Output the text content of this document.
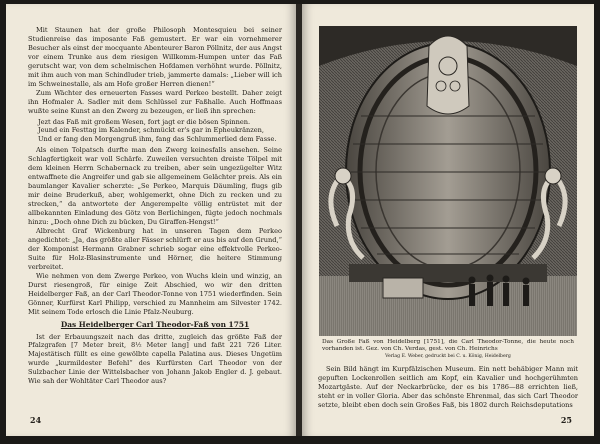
Mit Staunen hat der große Philosoph Montesquieu bei seiner Studienreise das imposante Faß gemustert. Er war ein vornehmerer Besucher als einst der mocquante Abenteurer Baron Pöllnitz, der aus Angst vor einem Trunke aus dem riesigen Willkomm-Humpen unter das Faß gerutscht war, von dem schelmischen Hofdamen verhöhnt wurde. Pöllnitz, mit ihm auch von man Schindluder trieb, jammerte damals: „Lieber will ich im Schweinestalle, als am Hofe großer Herren dienen!“

Zum Wächter des erneuerten Fasses ward Perkeo bestellt. Daher zeigt ihn Hofmaler A. Sadler mit dem Schlüssel zur Faßhalle. Auch Hoffmaas wußte seine Kunst an den Zwerg zu bezeugen, er ließ ihn sprechen:

Jezt das Faß mit großem Wesen, fort jagt er die bösen Spinnen.
Jeund ein Festtag im Kalender, schmückt er's gar in Epheukränzen,
Und er fang den Morgengruß ihm, fang das Schlummerlied dem Fasse.

Als einen Tolpatsch durfte man den Zwerg keinesfalls ansehen. Seine Schlagfertigkeit war voll Schärfe. Zuweilen versuchten dreiste Tölpel mit dem kleinen Herrn Schabernack zu treiben, aber sein ungezügelter Witz entwaffnete die Angreifer und gab sie allgemeinem Gelächter preis. Als ein baumlanger Kavalier scherzte: „Se Perkeo, Marquis Däumling, flugs gib mir deine Bruderkuß, aber, wohlgemerkt, ohne Dich zu recken und zu strecken,“ da antwortete der Angerempelte völlig entrüstet mit der allbekannten Einladung des Götz von Berlichingen, fügte jedoch nochmals hinzu: „Doch ohne Dich zu bücken, Du Giraffen-Hengst!“

Albrecht Graf Wickenburg hat in unseren Tagen dem Perkeo angedichtet: „Ja, das größte aller Fässer schlürft er aus bis auf den Grund,“ der Komponist Hermann Grabner schrieb sogar eine effektvolle Perkeo-Suite für Holz-Blasinstrumente und Hörner, die heitere Stimmung verbreitet.

Wie nehmen von dem Zwerge Perkeo, von Wuchs klein und winzig, an Durst riesengroß, für einige Zeit Abschied, wo wir den dritten Heidelberger Faß, an der Carl Theodor-Tonne von 1751 wiederfinden. Sein Gönner, Kurfürst Karl Philipp, verschied zu Mannheim am Silvester 1742. Mit seinem Tode erlosch die Linie Pfalz-Neuburg.

Das Heidelberger Carl Theodor-Faß von 1751

Ist der Erbauungszeit nach das dritte, zugleich das größte Faß der Pfalzgrafen [7 Meter breit, 8½ Meter lang] und faßt 221 726 Liter. Majestätisch füllt es eine gewölbte capella Palatina aus. Dieses Ungetüm wurde „kurmildester Befehl“ des Kurfürsten Carl Theodor von der Sulzbacher Linie der Wittelsbacher von Johann Jakob Engler d. J. gebaut. Wie sah der Wohltäter Carl Theodor aus?

24
Das Große Faß von Heidelberg [1751], die Carl Theodor-Tonne, die heute noch vorhanden ist. Gez. von Ch. Verdas, gest. von Ch. Heinrichs
Verlag E. Weber, gedruckt bei C. u. König, Heidelberg

Sein Bild hängt im Kurpfälzischen Museum. Ein nett behäbiger Mann mit gepuften Lockenrollen seitlich am Kopf, ein Kavalier und hochgerühmten Mozartgäste. Auf der Neckarbrücke, der es bis 1786—88 errichten ließ, steht er in voller Gloria. Aber das schönste Ehrenmal, das sich Carl Theodor setzte, bleibt eben doch sein Großes Faß, bis 1802 durch Reichsdeputations

25
